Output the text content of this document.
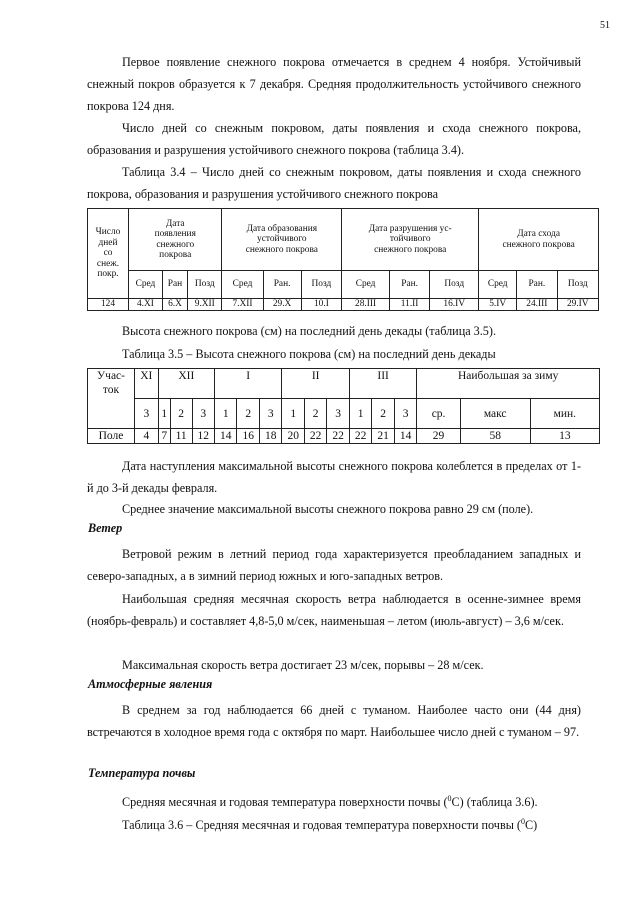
51
Первое появление снежного покрова отмечается в среднем 4 ноября. Устойчивый снежный покров образуется к 7 декабря. Средняя продолжительность устойчивого снежного покрова 124 дня.
Число дней со снежным покровом, даты появления и схода снежного покрова, образования и разрушения устойчивого снежного покрова (таблица 3.4).
Таблица 3.4 – Число дней со снежным покровом, даты появления и схода снежного покрова, образования и разрушения устойчивого снежного покрова
Число
дней
со
снеж.
покр.	Дата
появления
снежного
покрова			Дата образования
устойчивого
снежного покрова			Дата разрушения ус-
тойчивого
снежного покрова			Дата схода
снежного покрова		
	Сред	Ран	Позд	Сред	Ран.	Позд	Сред	Ран.	Позд	Сред	Ран.	Позд
124	4.XI	6.X	9.XII	7.XII	29.X	10.I	28.III	11.II	16.IV	5.IV	24.III	29.IV
Высота снежного покрова (см) на последний день декады (таблица 3.5).
Таблица 3.5 – Высота снежного покрова (см) на последний день декады
Учас-
ток	XI	XII			I			II			III			Наибольшая за зиму		
	3	1	2	3	1	2	3	1	2	3	1	2	3	ср.	макс	мин.
Поле	4	7	11	12	14	16	18	20	22	22	22	21	14	29	58	13
Дата наступления максимальной высоты снежного покрова колеблется в пределах от 1-й до 3-й декады февраля.
Среднее значение максимальной высоты снежного покрова равно 29 см (поле).
Ветер
Ветровой режим в летний период года характеризуется преобладанием западных и северо-западных, а в зимний период южных и юго-западных ветров.
Наибольшая средняя месячная скорость ветра наблюдается в осенне-зимнее время (ноябрь-февраль) и составляет 4,8-5,0 м/сек, наименьшая – летом (июль-август) – 3,6 м/сек.
Максимальная скорость ветра достигает 23 м/сек, порывы – 28 м/сек.
Атмосферные явления
В среднем за год наблюдается 66 дней с туманом. Наиболее часто они (44 дня) встречаются в холодное время года с октября по март. Наибольшее число дней с туманом – 97.
Температура почвы
Средняя месячная и годовая температура поверхности почвы ($^0$C) (таблица 3.6).
Таблица 3.6 – Средняя месячная и годовая температура поверхности почвы ($^0$C)
